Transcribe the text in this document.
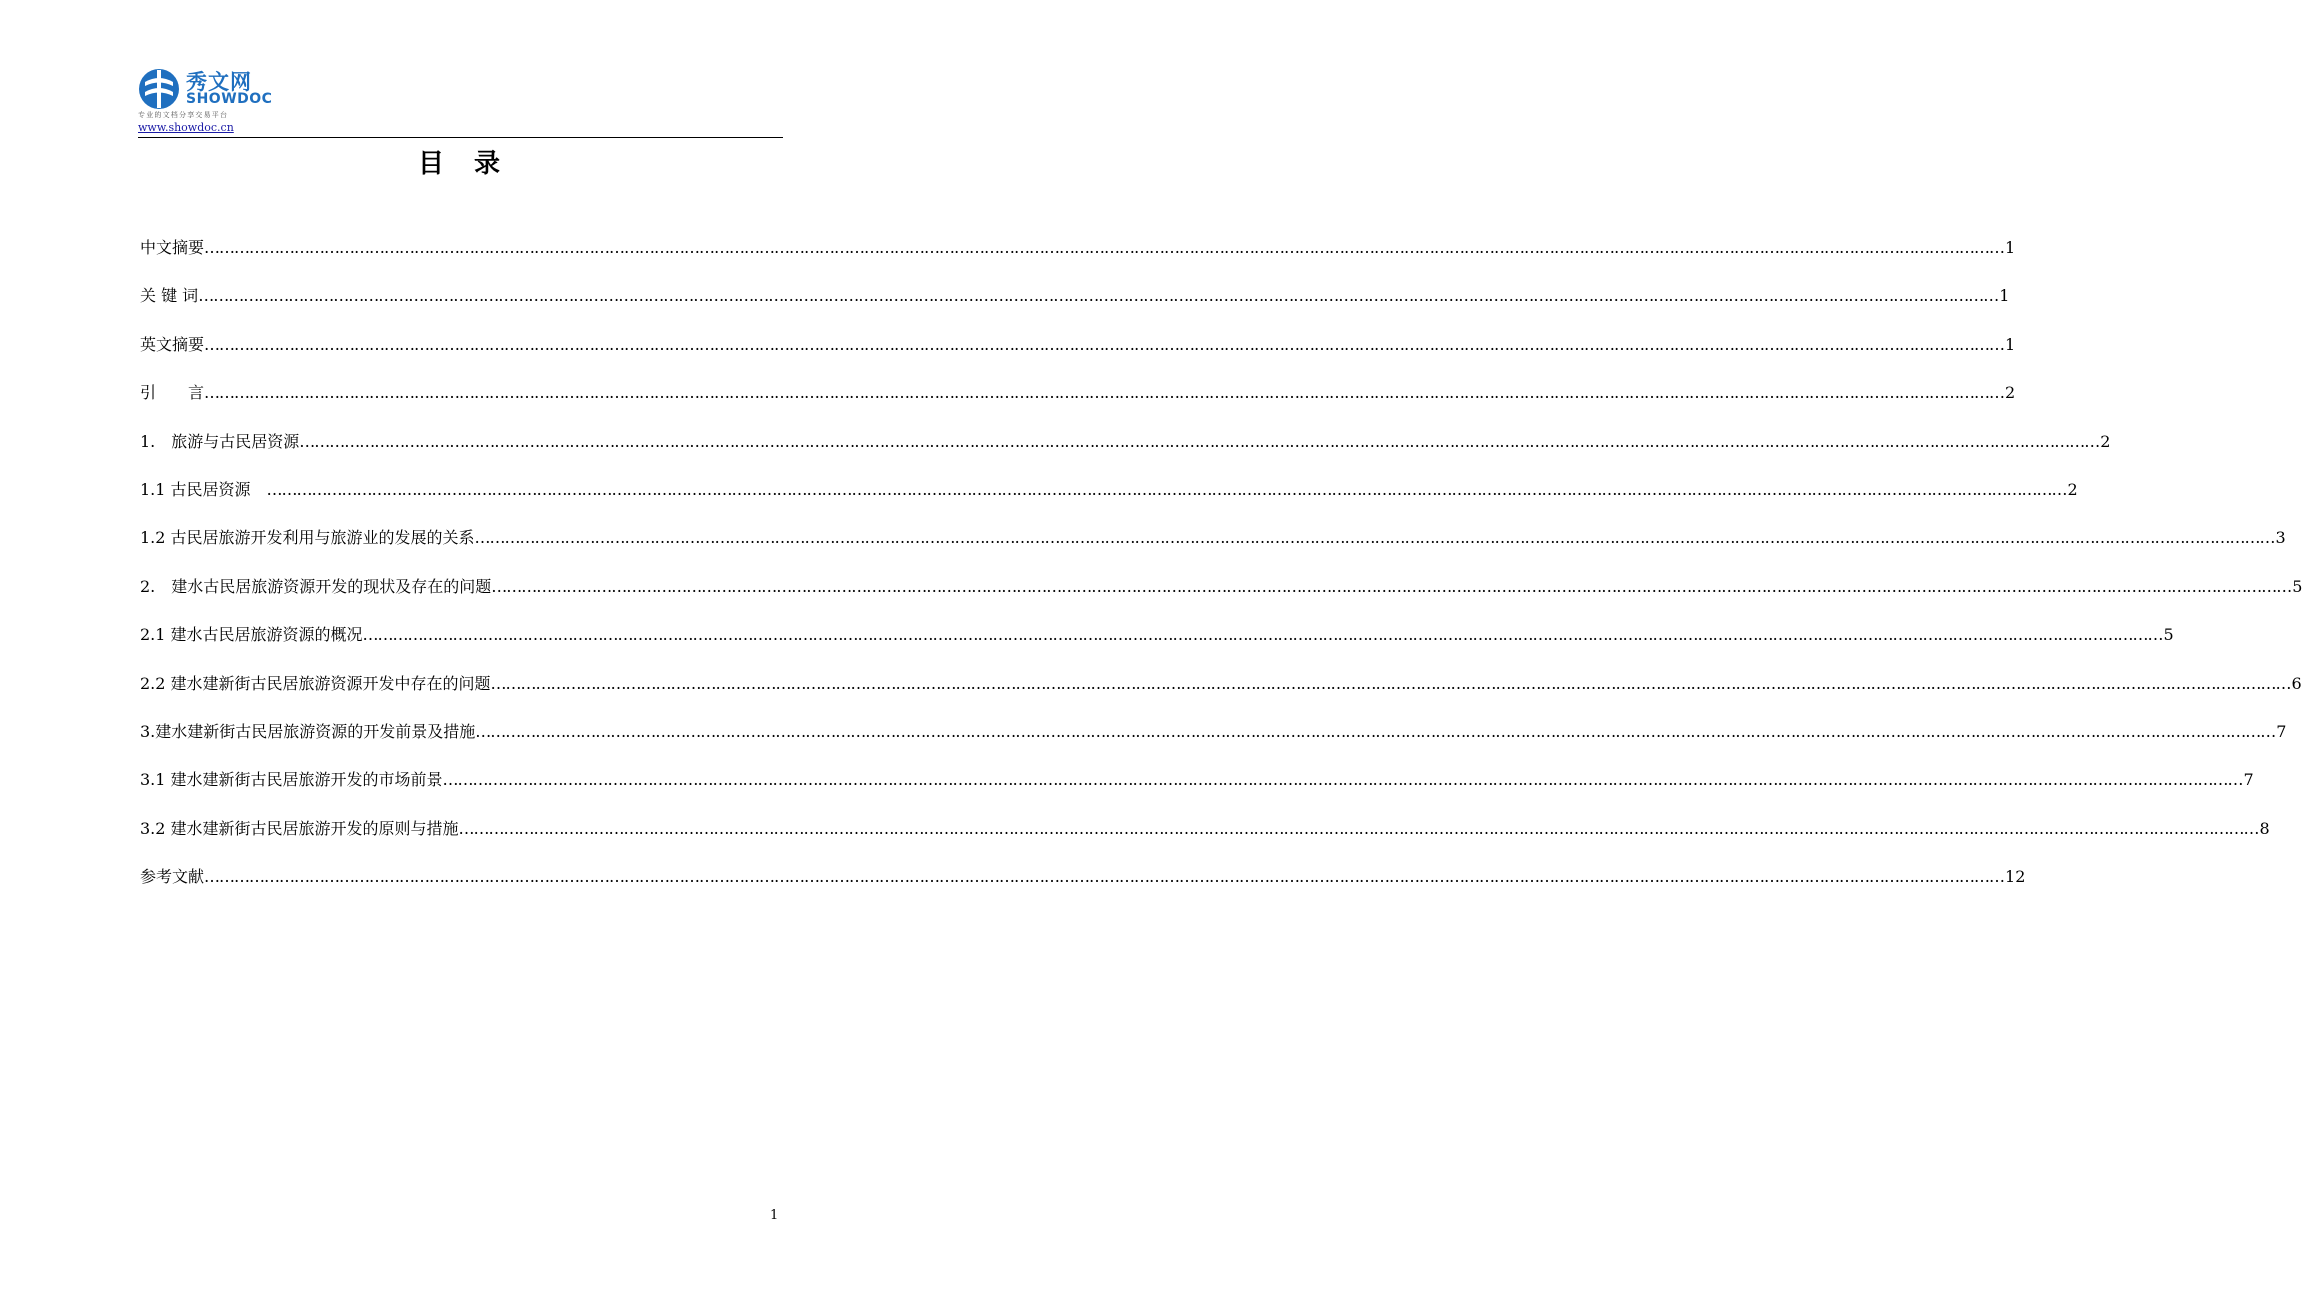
秀文网
SHOWDOC
专业的文档分享交易平台
www.showdoc.cn
目　录
中文摘要 ……………………………………………………………………………………………………………………………………………………………………………………………………………………………………………………………………………………………………………………………… 1
关 键 词 ……………………………………………………………………………………………………………………………………………………………………………………………………………………………………………………………………………………………………………………………… 1
英文摘要 ……………………………………………………………………………………………………………………………………………………………………………………………………………………………………………………………………………………………………………………………… 1
引　　言 ……………………………………………………………………………………………………………………………………………………………………………………………………………………………………………………………………………………………………………………………… 2
1.　旅游与古民居资源 ……………………………………………………………………………………………………………………………………………………………………………………………………………………………………………………………………………………………………………………………… 2
1.1 古民居资源　 ……………………………………………………………………………………………………………………………………………………………………………………………………………………………………………………………………………………………………………………………… 2
1.2 古民居旅游开发利用与旅游业的发展的关系 ……………………………………………………………………………………………………………………………………………………………………………………………………………………………………………………………………………………………………………………………… 3
2.　建水古民居旅游资源开发的现状及存在的问题 ……………………………………………………………………………………………………………………………………………………………………………………………………………………………………………………………………………………………………………………………… 5
2.1 建水古民居旅游资源的概况 ……………………………………………………………………………………………………………………………………………………………………………………………………………………………………………………………………………………………………………………………… 5
2.2 建水建新街古民居旅游资源开发中存在的问题 ……………………………………………………………………………………………………………………………………………………………………………………………………………………………………………………………………………………………………………………………… 6
3.建水建新街古民居旅游资源的开发前景及措施 ……………………………………………………………………………………………………………………………………………………………………………………………………………………………………………………………………………………………………………………………… 7
3.1 建水建新街古民居旅游开发的市场前景 ……………………………………………………………………………………………………………………………………………………………………………………………………………………………………………………………………………………………………………………………… 7
3.2 建水建新街古民居旅游开发的原则与措施 ……………………………………………………………………………………………………………………………………………………………………………………………………………………………………………………………………………………………………………………………… 8
参考文献 ……………………………………………………………………………………………………………………………………………………………………………………………………………………………………………………………………………………………………………………………… 12
1
